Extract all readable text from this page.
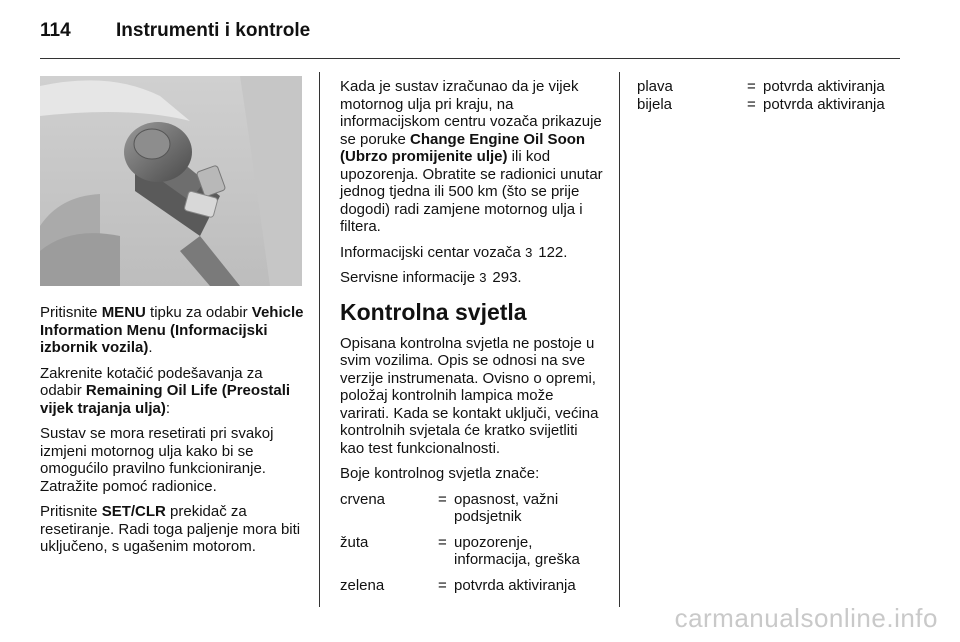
114 Instrumenti i kontrole

Pritisnite MENU tipku za odabir Vehicle Information Menu (Informacijski izbornik vozila).

Zakrenite kotačić podešavanja za odabir Remaining Oil Life (Preostali vijek trajanja ulja):

Sustav se mora resetirati pri svakoj izmjeni motornog ulja kako bi se omogućilo pravilno funkcioniranje. Zatražite pomoć radionice.

Pritisnite SET/CLR prekidač za resetiranje. Radi toga paljenje mora biti uključeno, s ugašenim motorom.

Kada je sustav izračunao da je vijek motornog ulja pri kraju, na informacijskom centru vozača prikazuje se poruke Change Engine Oil Soon (Ubrzo promijenite ulje) ili kod upozorenja. Obratite se radionici unutar jednog tjedna ili 500 km (što se prije dogodi) radi zamjene motornog ulja i filtera.

Informacijski centar vozača 3 122.

Servisne informacije 3 293.

Kontrolna svjetla

Opisana kontrolna svjetla ne postoje u svim vozilima. Opis se odnosi na sve verzije instrumenata. Ovisno o opremi, položaj kontrolnih lampica može varirati. Kada se kontakt uključi, većina kontrolnih svjetala će kratko svijetliti kao test funkcionalnosti.

Boje kontrolnog svjetla znače:

crvena	= opasnost, važni podsjetnik
žuta	= upozorenje, informacija, greška
zelena	= potvrda aktiviranja
plava	= potvrda aktiviranja
bijela	= potvrda aktiviranja
carmanualsonline.info
